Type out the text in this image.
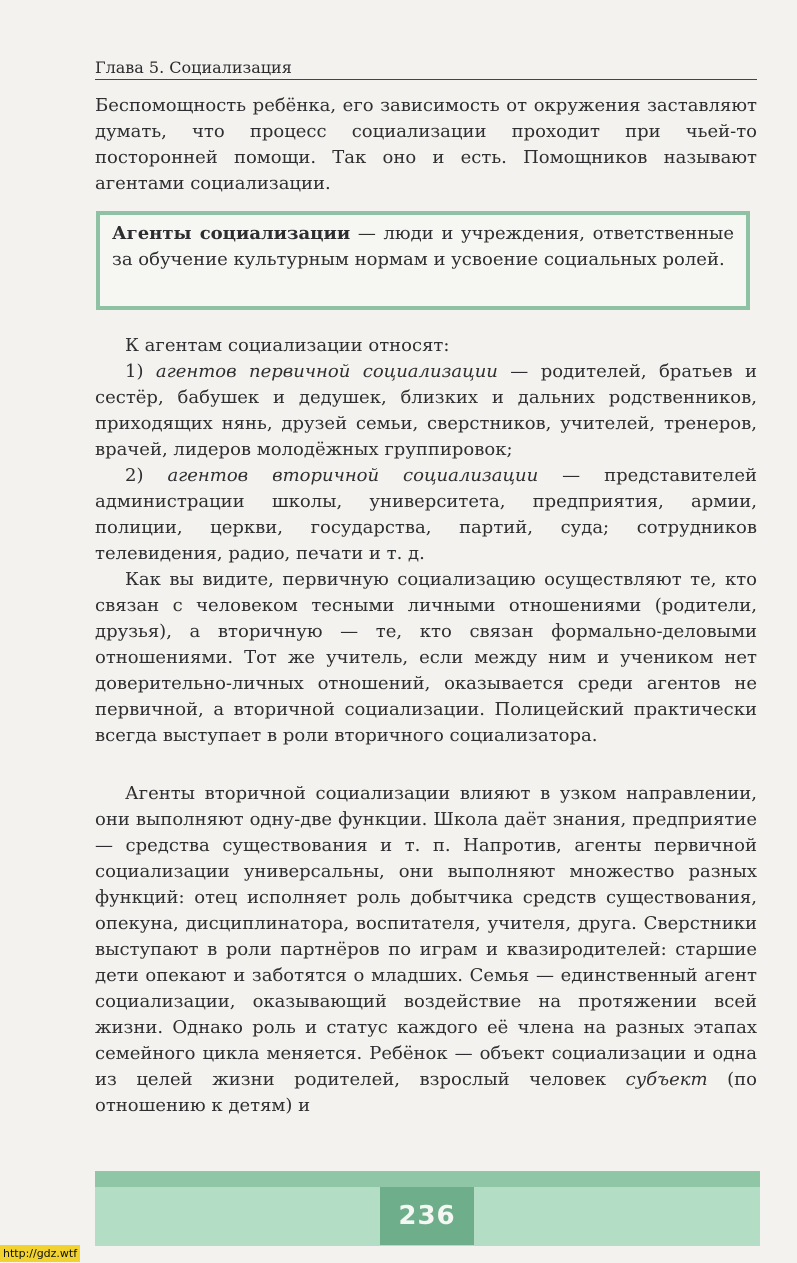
Глава 5. Социализация

Беспомощность ребёнка, его зависимость от окружения заставляют думать, что процесс социализации проходит при чьей-то посторонней помощи. Так оно и есть. Помощников называют агентами социализации.

Агенты социализации — люди и учреждения, ответственные за обучение культурным нормам и усвоение социальных ролей.

К агентам социализации относят:

1) агентов первичной социализации — родителей, братьев и сестёр, бабушек и дедушек, близких и дальних родственников, приходящих нянь, друзей семьи, сверстников, учителей, тренеров, врачей, лидеров молодёжных группировок;

2) агентов вторичной социализации — представителей администрации школы, университета, предприятия, армии, полиции, церкви, государства, партий, суда; сотрудников телевидения, радио, печати и т. д.

Как вы видите, первичную социализацию осуществляют те, кто связан с человеком тесными личными отношениями (родители, друзья), а вторичную — те, кто связан формально-деловыми отношениями. Тот же учитель, если между ним и учеником нет доверительно-личных отношений, оказывается среди агентов не первичной, а вторичной социализации. Полицейский практически всегда выступает в роли вторичного социализатора.

Агенты вторичной социализации влияют в узком направлении, они выполняют одну-две функции. Школа даёт знания, предприятие — средства существования и т. п. Напротив, агенты первичной социализации универсальны, они выполняют множество разных функций: отец исполняет роль добытчика средств существования, опекуна, дисциплинатора, воспитателя, учителя, друга. Сверстники выступают в роли партнёров по играм и квазиродителей: старшие дети опекают и заботятся о младших. Семья — единственный агент социализации, оказывающий воздействие на протяжении всей жизни. Однако роль и статус каждого её члена на разных этапах семейного цикла меняется. Ребёнок — объект социализации и одна из целей жизни родителей, взрослый человек субъект (по отношению к детям) и

236
http://gdz.wtf
